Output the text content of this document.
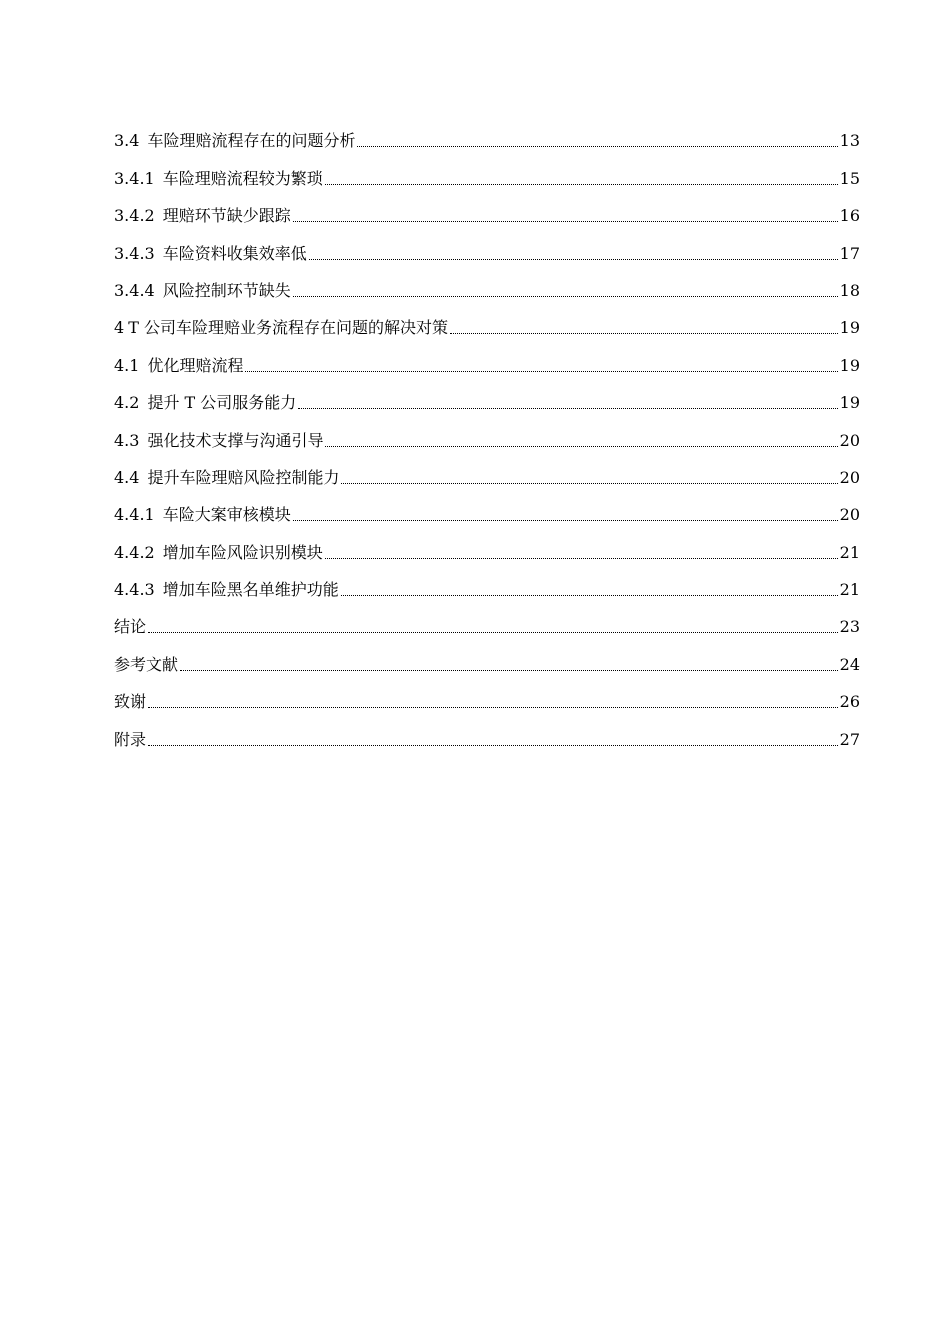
3.4 车险理赔流程存在的问题分析	13
3.4.1 车险理赔流程较为繁琐	15
3.4.2 理赔环节缺少跟踪	16
3.4.3 车险资料收集效率低	17
3.4.4 风险控制环节缺失	18
4 T 公司车险理赔业务流程存在问题的解决对策	19
4.1 优化理赔流程	19
4.2 提升 T 公司服务能力	19
4.3 强化技术支撑与沟通引导	20
4.4 提升车险理赔风险控制能力	20
4.4.1 车险大案审核模块	20
4.4.2 增加车险风险识别模块	21
4.4.3 增加车险黑名单维护功能	21
结论	23
参考文献	24
致谢	26
附录	27
